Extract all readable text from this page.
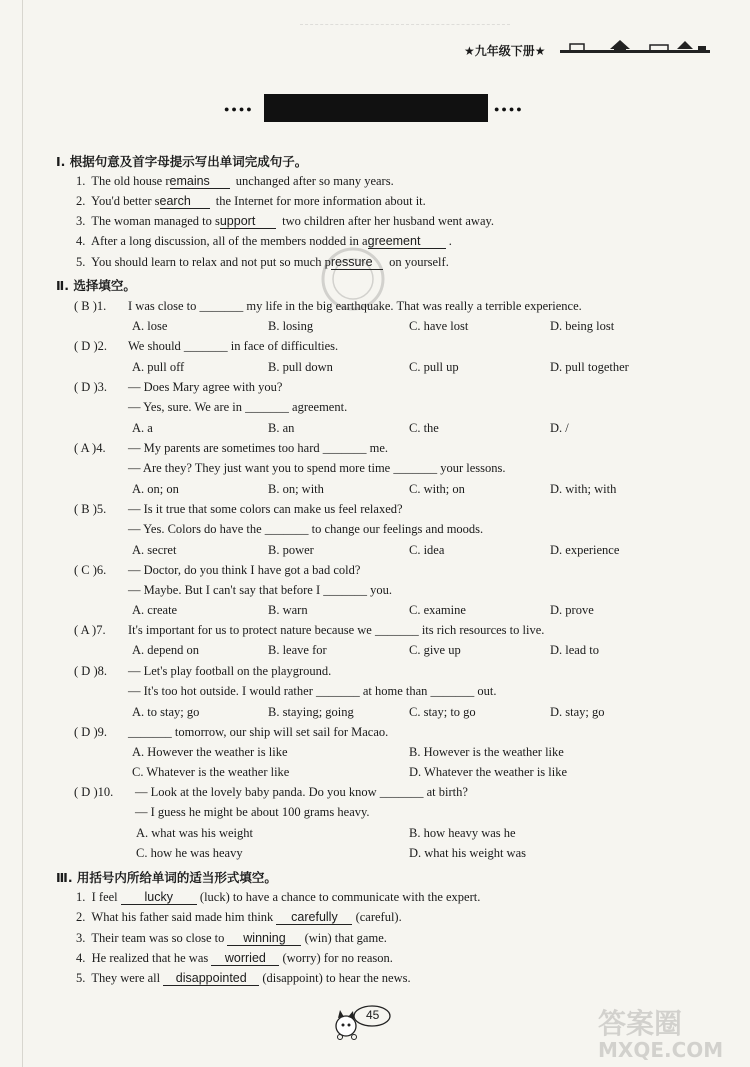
★九年级下册★
●●●●	●●●●
I. 根据句意及首字母提示写出单词完成句子。
1. The old house remains unchanged after so many years.
2. You'd better search the Internet for more information about it.
3. The woman managed to support two children after her husband went away.
4. After a long discussion, all of the members nodded in agreement .
5. You should learn to relax and not put so much pressure on yourself.
Ⅱ. 选择填空。
( B )1. I was close to _______ my life in the big earthquake. That was really a terrible experience.
A. lose	B. losing	C. have lost	D. being lost
( D )2. We should _______ in face of difficulties.
A. pull off	B. pull down	C. pull up	D. pull together
( D )3. — Does Mary agree with you?
— Yes, sure. We are in _______ agreement.
A. a	B. an	C. the	D. /
( A )4. — My parents are sometimes too hard _______ me.
— Are they? They just want you to spend more time _______ your lessons.
A. on; on	B. on; with	C. with; on	D. with; with
( B )5. — Is it true that some colors can make us feel relaxed?
— Yes. Colors do have the _______ to change our feelings and moods.
A. secret	B. power	C. idea	D. experience
( C )6. — Doctor, do you think I have got a bad cold?
— Maybe. But I can't say that before I _______ you.
A. create	B. warn	C. examine	D. prove
( A )7. It's important for us to protect nature because we _______ its rich resources to live.
A. depend on	B. leave for	C. give up	D. lead to
( D )8. — Let's play football on the playground.
— It's too hot outside. I would rather _______ at home than _______ out.
A. to stay; go	B. staying; going	C. stay; to go	D. stay; go
( D )9. _______ tomorrow, our ship will set sail for Macao.
A. However the weather is like	B. However is the weather like
C. Whatever is the weather like	D. Whatever the weather is like
( D )10. — Look at the lovely baby panda. Do you know _______ at birth?
— I guess he might be about 100 grams heavy.
A. what was his weight	B. how heavy was he
C. how he was heavy	D. what his weight was
Ⅲ. 用括号内所给单词的适当形式填空。
1. I feel lucky (luck) to have a chance to communicate with the expert.
2. What his father said made him think carefully (careful).
3. Their team was so close to winning (win) that game.
4. He realized that he was worried (worry) for no reason.
5. They were all disappointed (disappoint) to hear the news.
45	答案圈
MXQE.COM
